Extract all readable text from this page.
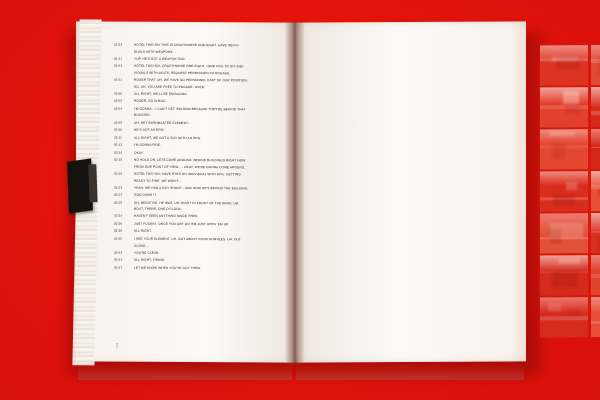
01:33	HOTEL TWO-SIX THIS IS CRAZYHORSE ONE-EIGHT. HAVE INDIVI-
DUALS WITH WEAPONS.
01:41	YUP. HE'S GOT A WEAPON TOO.
01:43	HOTEL TWO-SIX; CRAZYHORSE ONE-EIGHT. HAVE FIVE TO SIX INDI-
VIDUALS WITH AK47S. REQUEST PERMISSION TO ENGAGE.
01:51	ROGER THAT. UH, WE HAVE NO PERSONNEL EAST OF OUR POSITION.
SO, UH, YOU ARE FREE TO ENGAGE. OVER.
02:00	ALL RIGHT, WE'LL BE ENGAGING.
02:02	ROGER, GO AHEAD.
02:04	I'M GONNA... I CAN'T GET 'EM NOW BECAUSE THEY'RE BEHIND THAT
BUILDING.
02:09	UH, HEY BUSHMASTER ELEMENT...
02:10	HE'S GOT AN RPG!
02:11	ALL RIGHT, WE GOT A GUY WITH AN RPG.
02:13	I'M GONNA FIRE.
02:14	OKAY.
02:15	NO HOLD ON. LETS COME AROUND. BEHIND BUILDINGS RIGHT NOW
FROM OUR POINT OF VIEW. ... OKAY, WE'RE GONNA COME AROUND.
02:19	HOTEL TWO-SIX; HAVE EYES ON INDIVIDUAL WITH RPG. GETTING
READY TO FIRE. WE WON'T...
02:23	YEAH, WE HAD A GUY SHOOT - AND NOW HE'S BEHIND THE BUILDING.
02:23	GOD DAMN IT.
02:28	UH, NEGATIVE. HE WAS, UH, RIGHT IN FRONT OF THE BRAD, UH,
BOUT, THERE, ONE O'CLOCK.
02:34	HAVEN'T SEEN ANYTHING SINCE THEN.
02:36	JUST FUCKIN', ONCE YOU GET ON 'EM JUST OPEN 'EM UP.
02:38	ALL RIGHT.
02:40	I SEE YOUR ELEMENT, UH, GOT ABOUT FOUR HUMVEES, UH, OUT
ALONG...
02:43	YOU'RE CLEAR.
02:44	ALL RIGHT, FIRING.
02:47	LET ME KNOW WHEN YOU'VE GOT THEM.
104
